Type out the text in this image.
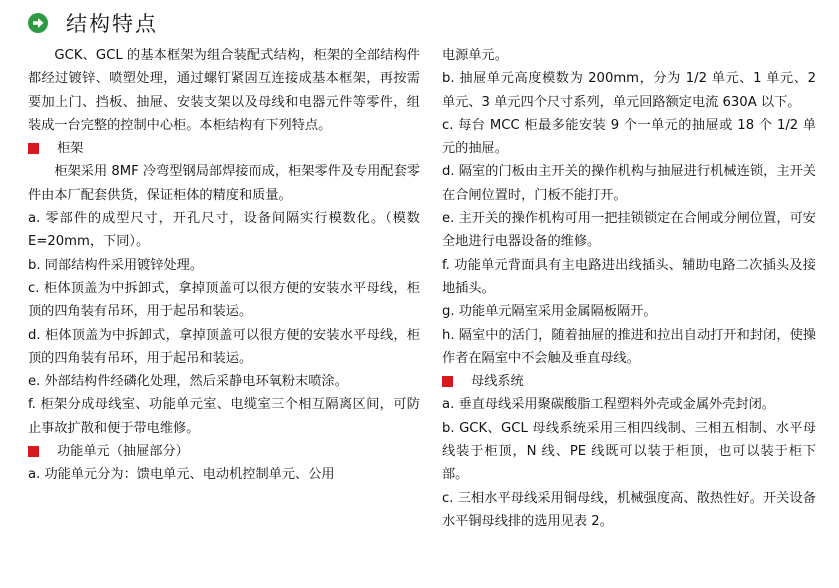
结构特点

GCK、GCL 的基本框架为组合装配式结构，柜架的全部结构件都经过镀锌、喷塑处理，通过螺钉紧固互连接成基本框架，再按需要加上门、挡板、抽屉、安装支架以及母线和电器元件等零件，组装成一台完整的控制中心柜。本柜结构有下列特点。

柜架

柜架采用 8MF 冷弯型钢局部焊接而成，柜架零件及专用配套零件由本厂配套供货，保证柜体的精度和质量。

a. 零部件的成型尺寸，开孔尺寸，设备间隔实行模数化。（模数 E=20mm，下同）。

b. 同部结构件采用镀锌处理。

c. 柜体顶盖为中拆卸式，拿掉顶盖可以很方便的安装水平母线，柜顶的四角装有吊环，用于起吊和装运。

d. 柜体顶盖为中拆卸式，拿掉顶盖可以很方便的安装水平母线，柜顶的四角装有吊环，用于起吊和装运。

e. 外部结构件经磷化处理，然后采静电环氧粉末喷涂。

f. 柜架分成母线室、功能单元室、电缆室三个相互隔离区间，可防止事故扩散和便于带电维修。

功能单元（抽屉部分）

a. 功能单元分为：馈电单元、电动机控制单元、公用

电源单元。

b. 抽屉单元高度模数为 200mm，分为 1/2 单元、1 单元、2 单元、3 单元四个尺寸系列，单元回路额定电流 630A 以下。

c. 每台 MCC 柜最多能安装 9 个一单元的抽屉或 18 个 1/2 单元的抽屉。

d. 隔室的门板由主开关的操作机构与抽屉进行机械连锁，主开关在合闸位置时，门板不能打开。

e. 主开关的操作机构可用一把挂锁锁定在合闸或分闸位置，可安全地进行电器设备的维修。

f. 功能单元背面具有主电路进出线插头、辅助电路二次插头及接地插头。

g. 功能单元隔室采用金属隔板隔开。

h. 隔室中的活门，随着抽屉的推进和拉出自动打开和封闭，使操作者在隔室中不会触及垂直母线。

母线系统

a. 垂直母线采用聚碳酸脂工程塑料外壳或金属外壳封闭。

b. GCK、GCL 母线系统采用三相四线制、三相五相制、水平母线装于柜顶，N 线、PE 线既可以装于柜顶，也可以装于柜下部。

c. 三相水平母线采用铜母线，机械强度高、散热性好。开关设备水平铜母线排的选用见表 2。
